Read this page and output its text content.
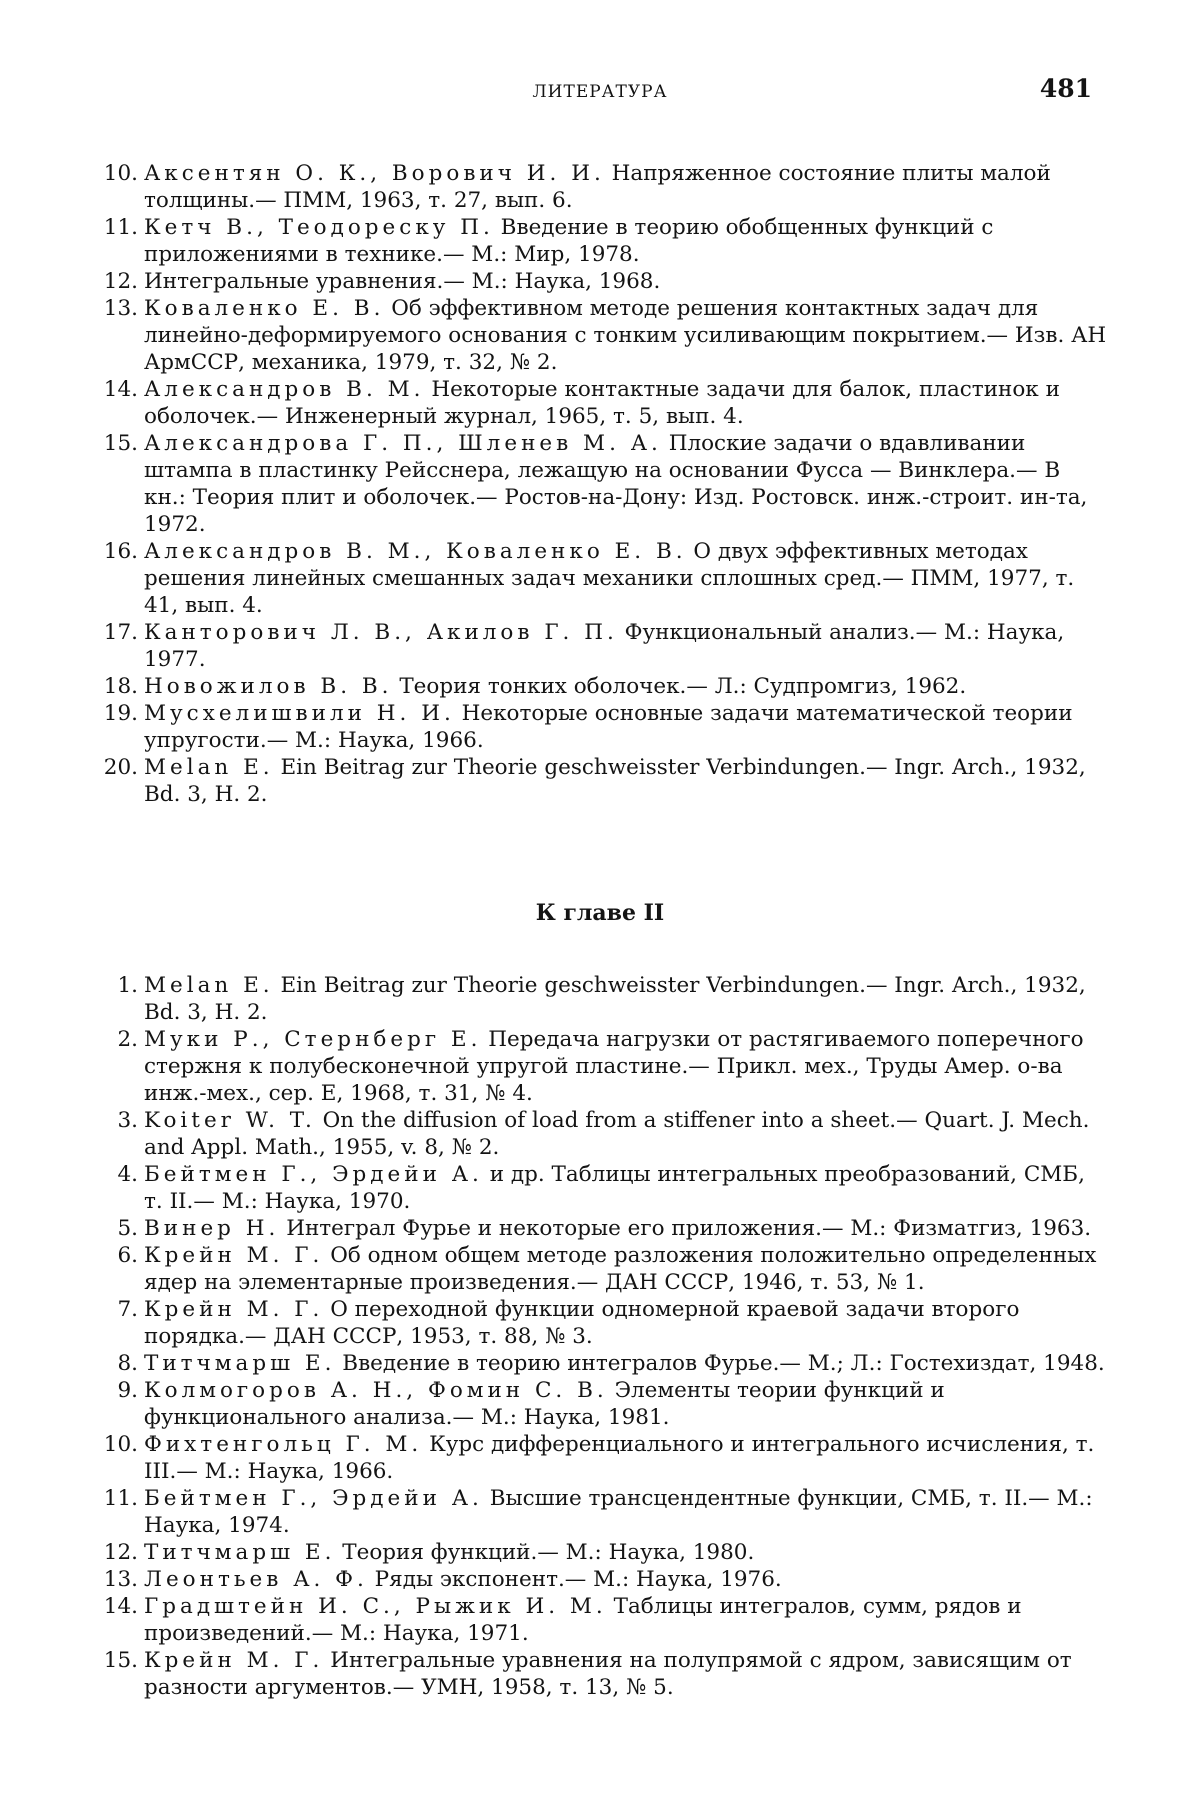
ЛИТЕРАТУРА	481
10. Аксентян О. К., Ворович И. И. Напряженное состояние плиты малой толщины.— ПММ, 1963, т. 27, вып. 6.
11. Кетч В., Теодореску П. Введение в теорию обобщенных функций с приложениями в технике.— М.: Мир, 1978.
12. Интегральные уравнения.— М.: Наука, 1968.
13. Коваленко Е. В. Об эффективном методе решения контактных задач для линейно-деформируемого основания с тонким усиливающим покрытием.— Изв. АН АрмССР, механика, 1979, т. 32, № 2.
14. Александров В. М. Некоторые контактные задачи для балок, пластинок и оболочек.— Инженерный журнал, 1965, т. 5, вып. 4.
15. Александрова Г. П., Шленев М. А. Плоские задачи о вдавливании штампа в пластинку Рейсснера, лежащую на основании Фусса — Винклера.— В кн.: Теория плит и оболочек.— Ростов-на-Дону: Изд. Ростовск. инж.-строит. ин-та, 1972.
16. Александров В. М., Коваленко Е. В. О двух эффективных методах решения линейных смешанных задач механики сплошных сред.— ПММ, 1977, т. 41, вып. 4.
17. Канторович Л. В., Акилов Г. П. Функциональный анализ.— М.: Наука, 1977.
18. Новожилов В. В. Теория тонких оболочек.— Л.: Судпромгиз, 1962.
19. Мусхелишвили Н. И. Некоторые основные задачи математической теории упругости.— М.: Наука, 1966.
20. Melan E. Ein Beitrag zur Theorie geschweisster Verbindungen.— Ingr. Arch., 1932, Bd. 3, H. 2.
К главе II
1. Melan E. Ein Beitrag zur Theorie geschweisster Verbindungen.— Ingr. Arch., 1932, Bd. 3, H. 2.
2. Муки Р., Стернберг Е. Передача нагрузки от растягиваемого поперечного стержня к полубесконечной упругой пластине.— Прикл. мех., Труды Амер. о-ва инж.-мех., сер. Е, 1968, т. 31, № 4.
3. Koiter W. T. On the diffusion of load from a stiffener into a sheet.— Quart. J. Mech. and Appl. Math., 1955, v. 8, № 2.
4. Бейтмен Г., Эрдейи А. и др. Таблицы интегральных преобразований, СМБ, т. II.— М.: Наука, 1970.
5. Винер Н. Интеграл Фурье и некоторые его приложения.— М.: Физматгиз, 1963.
6. Крейн М. Г. Об одном общем методе разложения положительно определенных ядер на элементарные произведения.— ДАН СССР, 1946, т. 53, № 1.
7. Крейн М. Г. О переходной функции одномерной краевой задачи второго порядка.— ДАН СССР, 1953, т. 88, № 3.
8. Титчмарш Е. Введение в теорию интегралов Фурье.— М.; Л.: Гостехиздат, 1948.
9. Колмогоров А. Н., Фомин С. В. Элементы теории функций и функционального анализа.— М.: Наука, 1981.
10. Фихтенгольц Г. М. Курс дифференциального и интегрального исчисления, т. III.— М.: Наука, 1966.
11. Бейтмен Г., Эрдейи А. Высшие трансцендентные функции, СМБ, т. II.— М.: Наука, 1974.
12. Титчмарш Е. Теория функций.— М.: Наука, 1980.
13. Леонтьев А. Ф. Ряды экспонент.— М.: Наука, 1976.
14. Градштейн И. С., Рыжик И. М. Таблицы интегралов, сумм, рядов и произведений.— М.: Наука, 1971.
15. Крейн М. Г. Интегральные уравнения на полупрямой с ядром, зависящим от разности аргументов.— УМН, 1958, т. 13, № 5.
